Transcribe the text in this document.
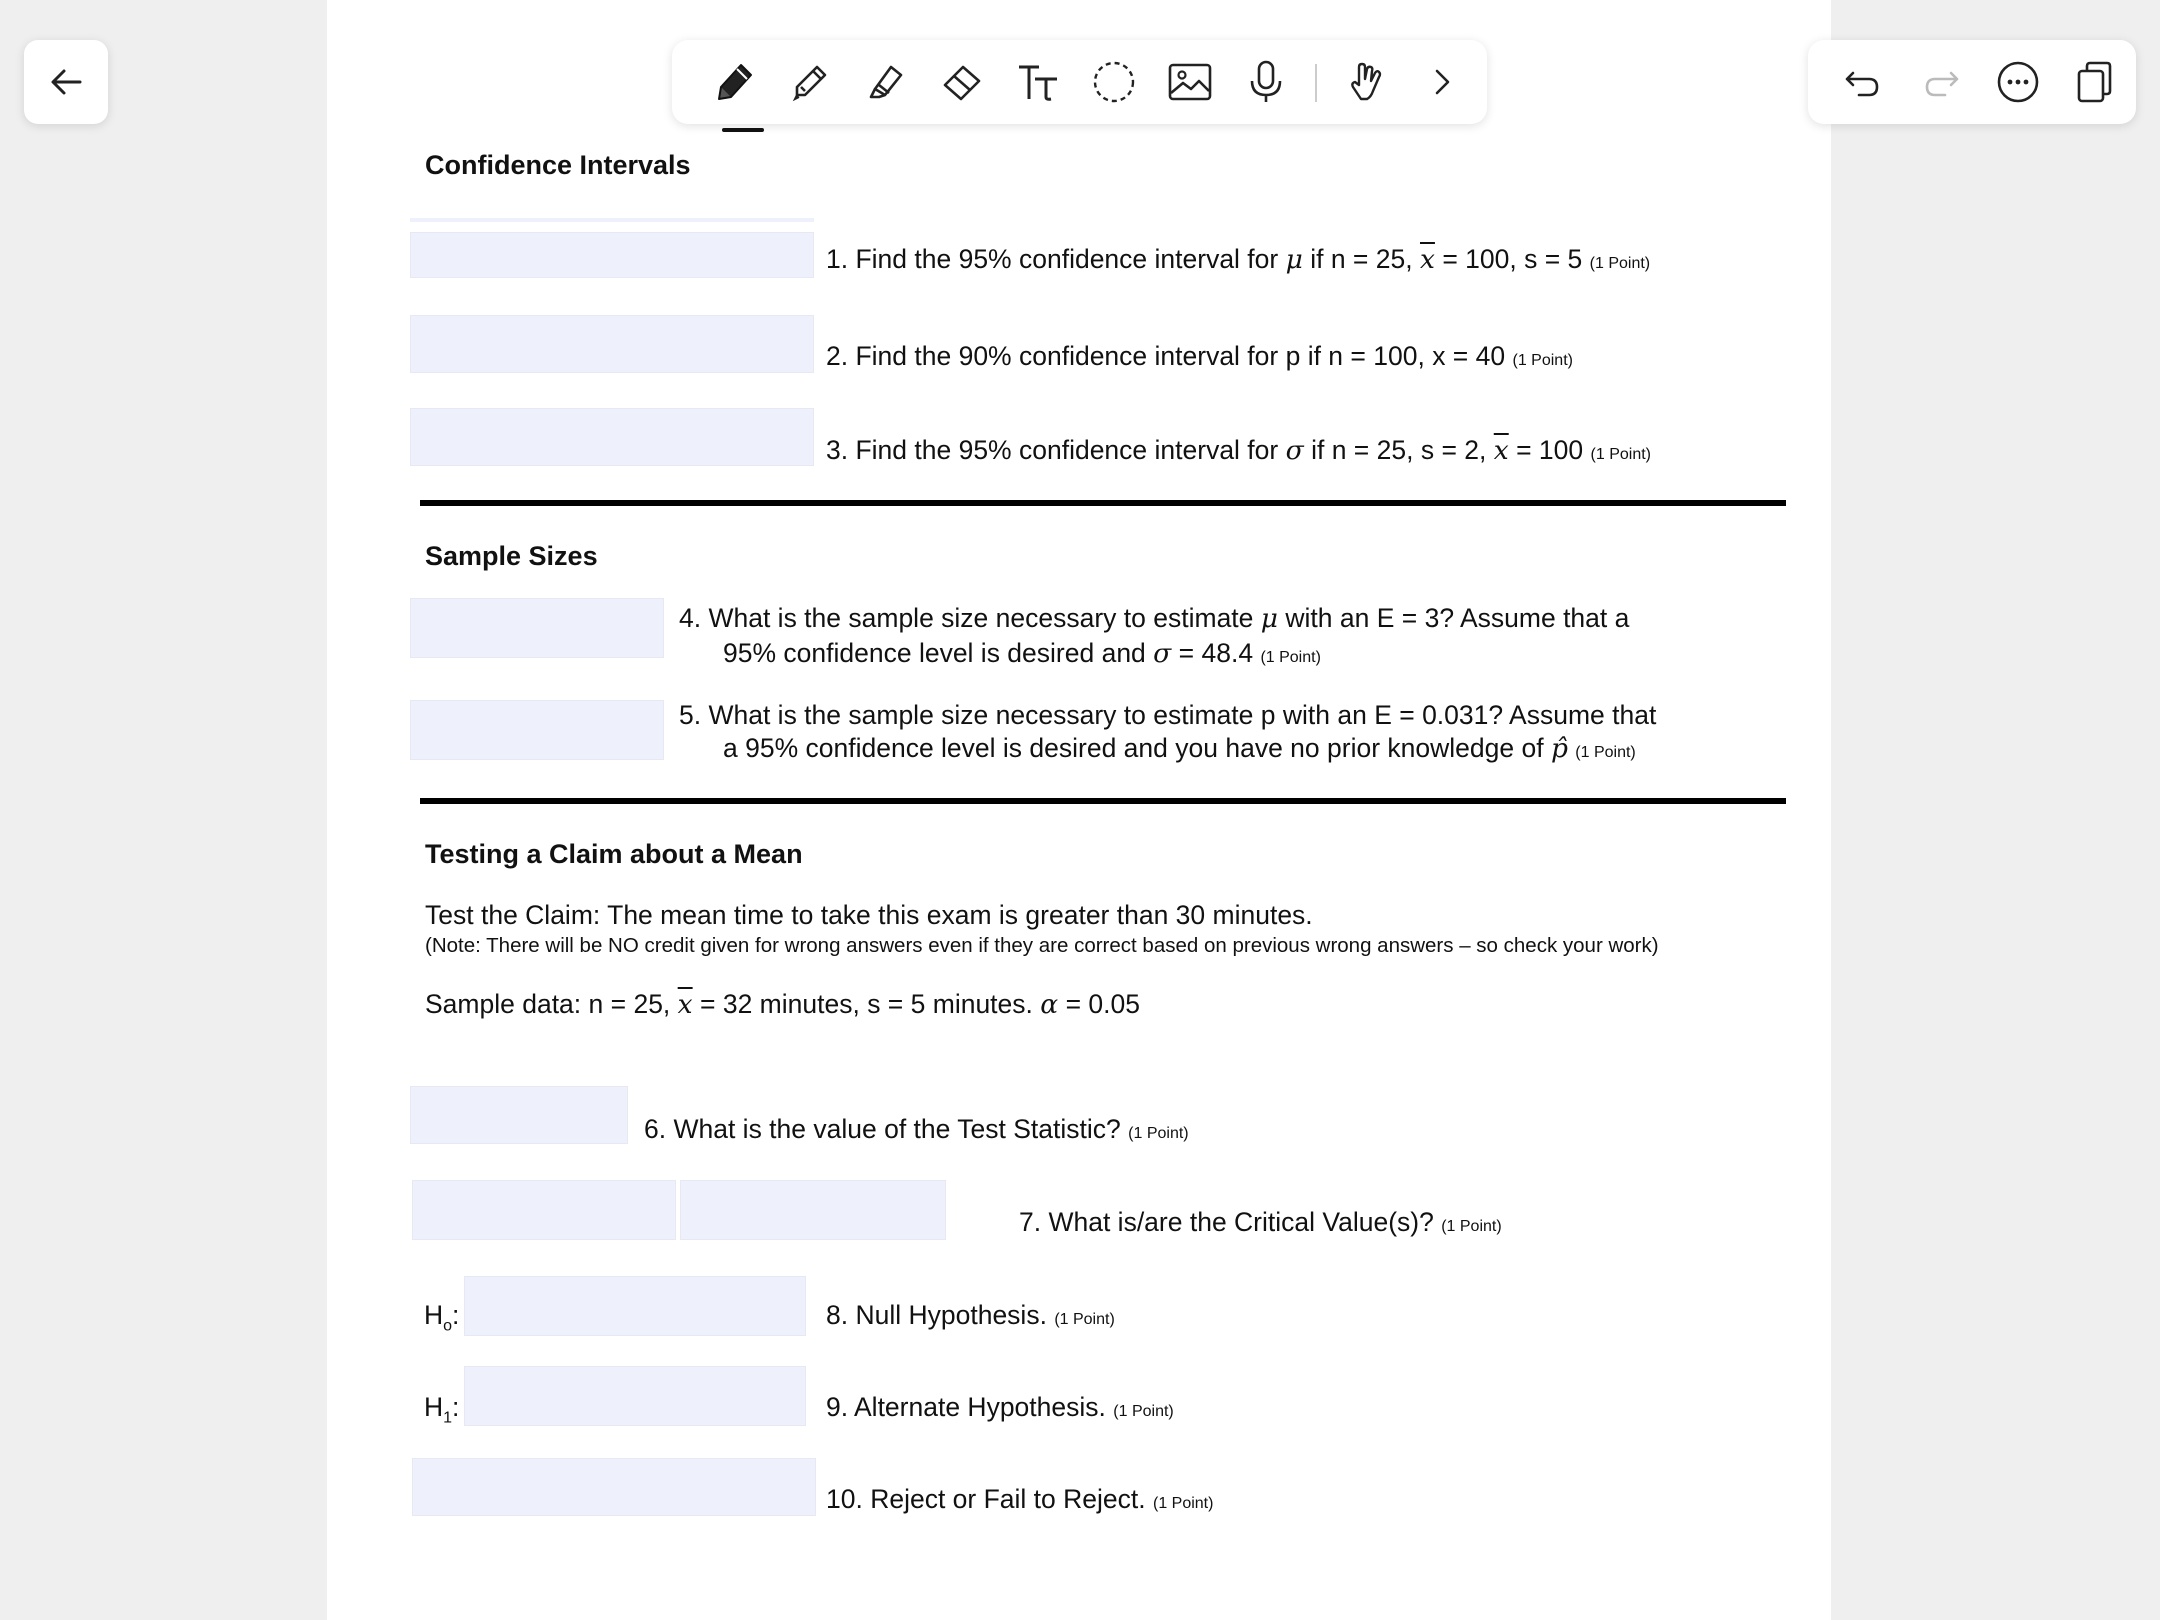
Confidence Intervals
1. Find the 95% confidence interval for μ if n = 25, $\overline{x} = 100$, s = 5 (1 Point)
2. Find the 90% confidence interval for p if n = 100, x = 40 (1 Point)
3. Find the 95% confidence interval for σ if n = 25, s = 2, $\overline{x} = 100$ (1 Point)
Sample Sizes
4. What is the sample size necessary to estimate μ with an E = 3? Assume that a
95% confidence level is desired and σ = 48.4 (1 Point)
5. What is the sample size necessary to estimate p with an E = 0.031? Assume that
a 95% confidence level is desired and you have no prior knowledge of p̂ (1 Point)
Testing a Claim about a Mean
Test the Claim: The mean time to take this exam is greater than 30 minutes.
(Note: There will be NO credit given for wrong answers even if they are correct based on previous wrong answers – so check your work)
Sample data: n = 25, $\overline{x} = 32$ minutes, s = 5 minutes. α = 0.05
6. What is the value of the Test Statistic? (1 Point)
7. What is/are the Critical Value(s)? (1 Point)
$H_o$:	8. Null Hypothesis. (1 Point)
$H_1$:	9. Alternate Hypothesis. (1 Point)
10. Reject or Fail to Reject. (1 Point)
